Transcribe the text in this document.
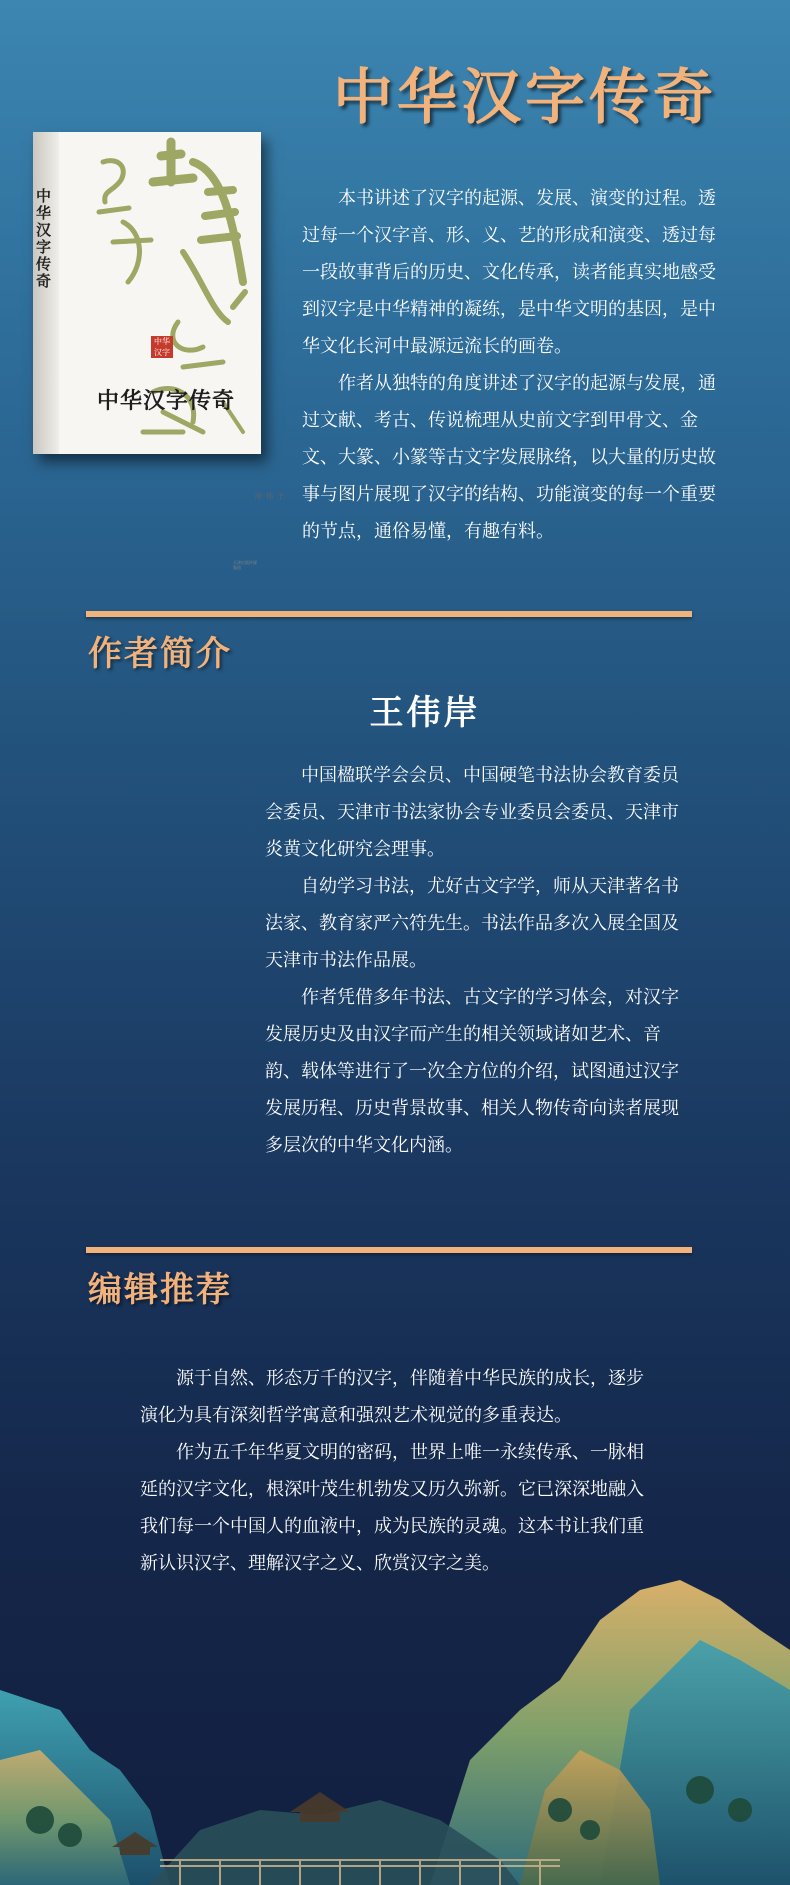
中华汉字传奇
中华汉字传奇
中华汉字
中华汉字传奇
王伟岸
天津出版传媒集团

本书讲述了汉字的起源、发展、演变的过程。透过每一个汉字音、形、义、艺的形成和演变、透过每一段故事背后的历史、文化传承，读者能真实地感受到汉字是中华精神的凝练，是中华文明的基因，是中华文化长河中最源远流长的画卷。

作者从独特的角度讲述了汉字的起源与发展，通过文献、考古、传说梳理从史前文字到甲骨文、金文、大篆、小篆等古文字发展脉络，以大量的历史故事与图片展现了汉字的结构、功能演变的每一个重要的节点，通俗易懂，有趣有料。

作者简介
王伟岸

中国楹联学会会员、中国硬笔书法协会教育委员会委员、天津市书法家协会专业委员会委员、天津市炎黄文化研究会理事。

自幼学习书法，尤好古文字学，师从天津著名书法家、教育家严六符先生。书法作品多次入展全国及天津市书法作品展。

作者凭借多年书法、古文字的学习体会，对汉字发展历史及由汉字而产生的相关领域诸如艺术、音韵、载体等进行了一次全方位的介绍，试图通过汉字发展历程、历史背景故事、相关人物传奇向读者展现多层次的中华文化内涵。

编辑推荐

源于自然、形态万千的汉字，伴随着中华民族的成长，逐步演化为具有深刻哲学寓意和强烈艺术视觉的多重表达。

作为五千年华夏文明的密码，世界上唯一永续传承、一脉相延的汉字文化，根深叶茂生机勃发又历久弥新。它已深深地融入我们每一个中国人的血液中，成为民族的灵魂。这本书让我们重新认识汉字、理解汉字之义、欣赏汉字之美。
